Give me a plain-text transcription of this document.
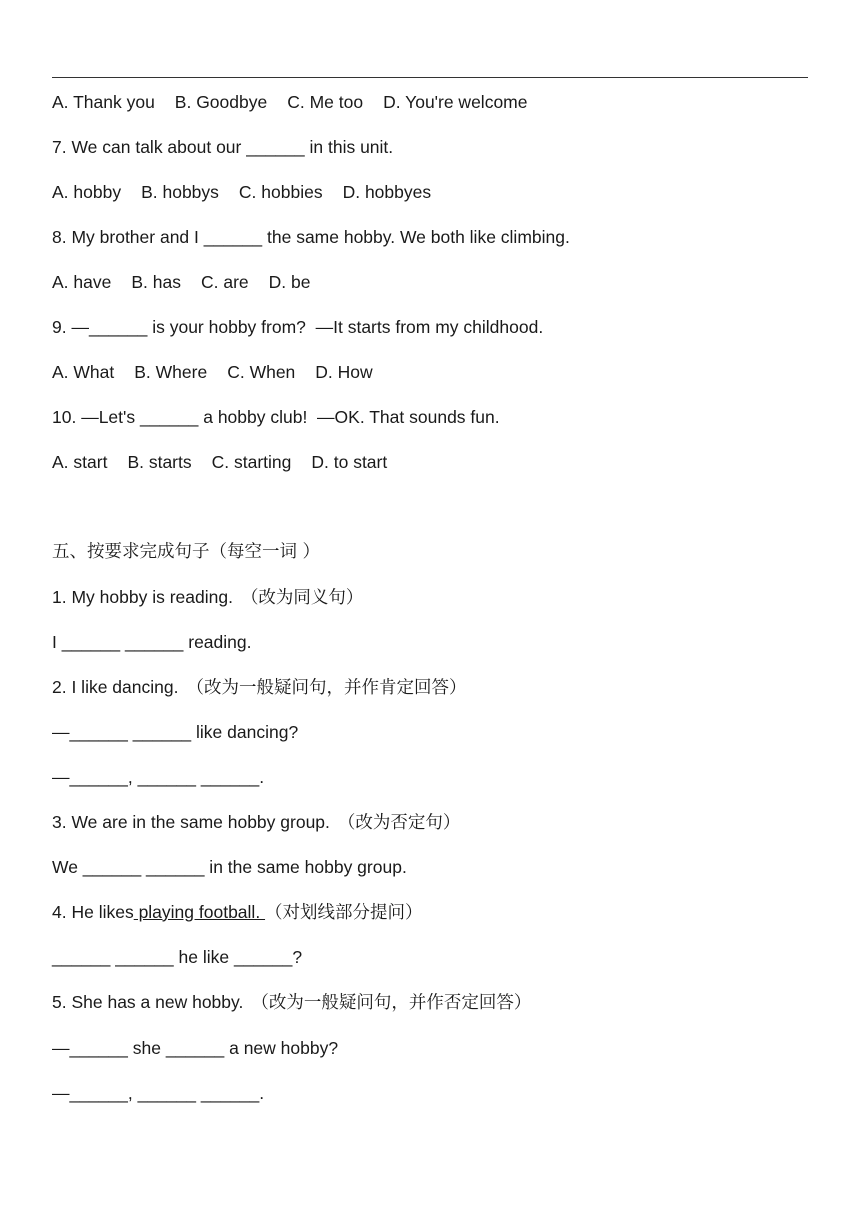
A. Thank you B. Goodbye C. Me too D. You're welcome
7. We can talk about our ______ in this unit.
A. hobby B. hobbys C. hobbies D. hobbyes
8. My brother and I ______ the same hobby. We both like climbing.
A. have B. has C. are D. be
9. —______ is your hobby from?  —It starts from my childhood.
A. What B. Where C. When D. How
10. —Let's ______ a hobby club!  —OK. That sounds fun.
A. start B. starts C. starting D. to start
五、按要求完成句子（每空一词 ）
1. My hobby is reading. （改为同义句）
I ______ ______ reading.
2. I like dancing. （改为一般疑问句，并作肯定回答）
—______ ______ like dancing?
—______, ______ ______.
3. We are in the same hobby group. （改为否定句）
We ______ ______ in the same hobby group.
4. He likes playing football. （对划线部分提问）
______ ______ he like ______?
5. She has a new hobby. （改为一般疑问句，并作否定回答）
—______ she ______ a new hobby?
—______, ______ ______.
